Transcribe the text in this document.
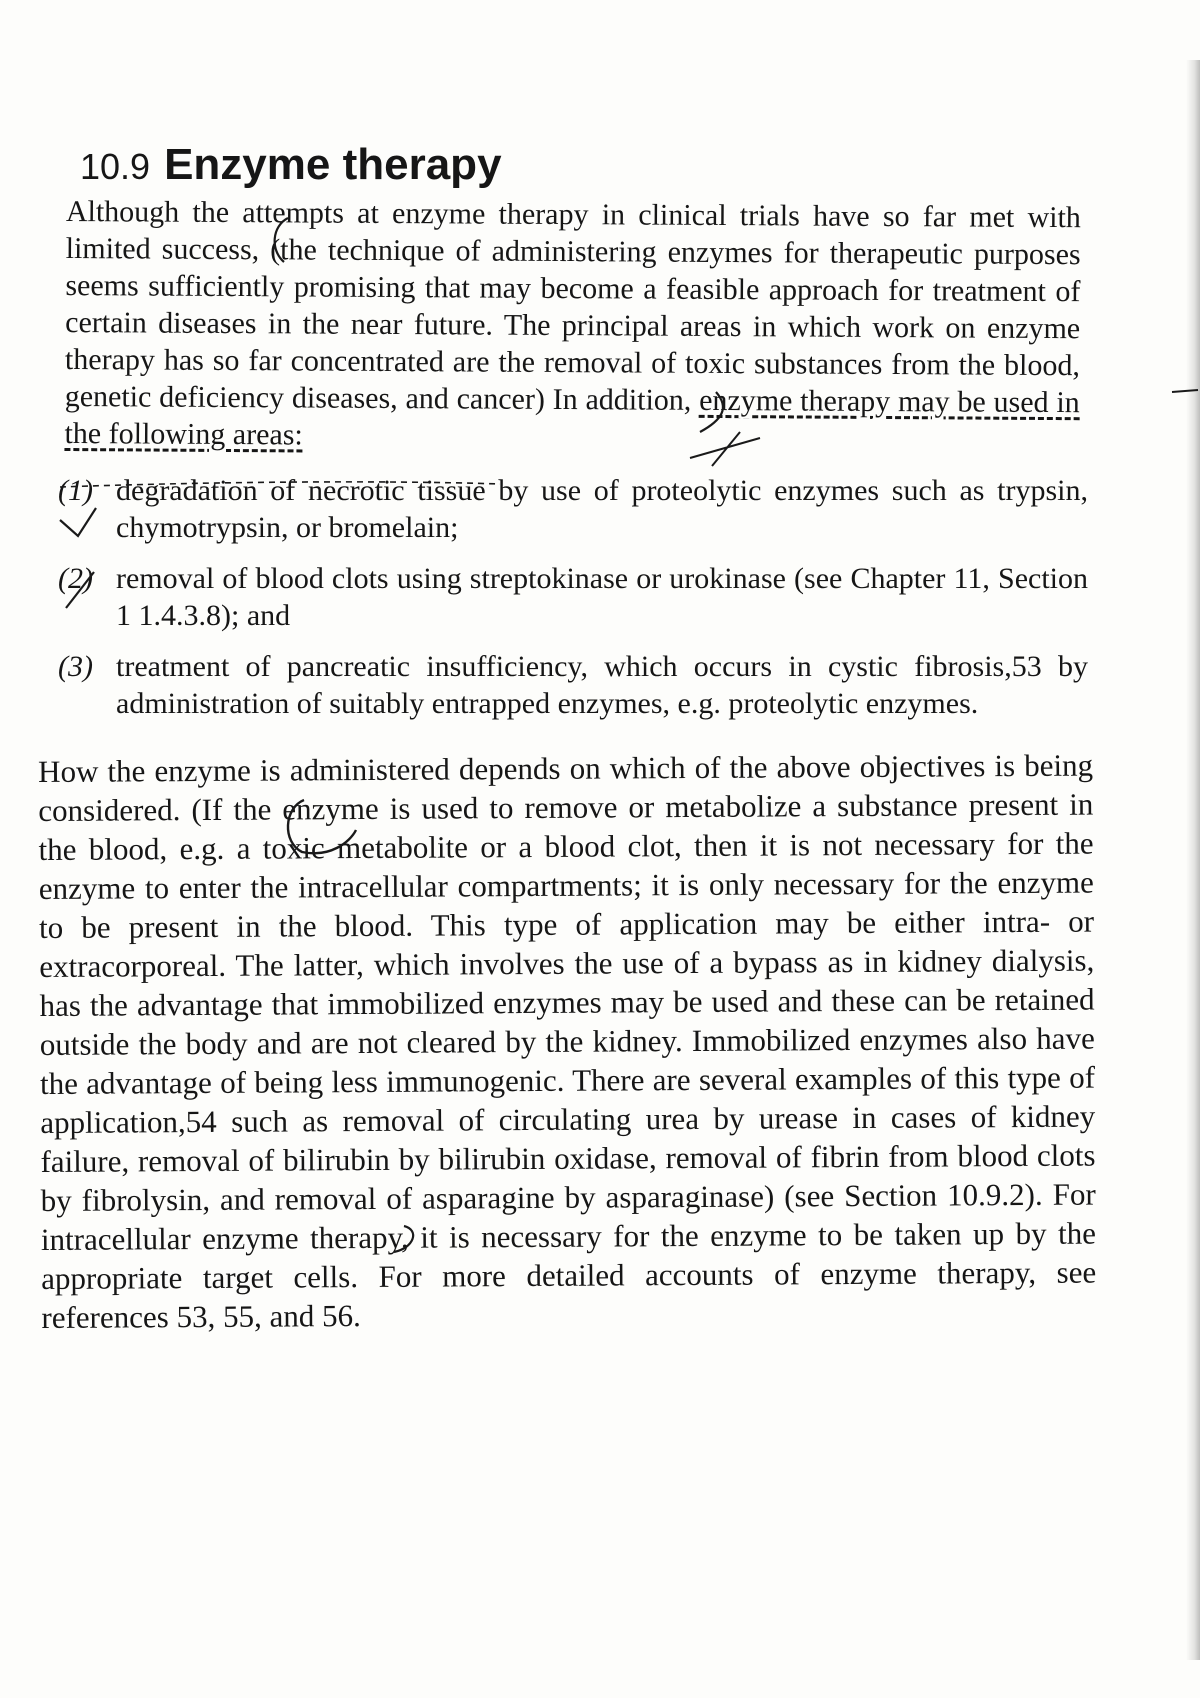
10.9 Enzyme therapy

Although the attempts at enzyme therapy in clinical trials have so far met with limited success, (the technique of administering enzymes for therapeutic purposes seems sufficiently promising that may become a feasible approach for treatment of certain diseases in the near future. The principal areas in which work on enzyme therapy has so far concentrated are the removal of toxic substances from the blood, genetic deficiency diseases, and cancer) In addition, enzyme therapy may be used in the following areas:

(1) degradation of necrotic tissue by use of proteolytic enzymes such as trypsin, chymotrypsin, or bromelain;
(2) removal of blood clots using streptokinase or urokinase (see Chapter 11, Section 1 1.4.3.8); and
(3) treatment of pancreatic insufficiency, which occurs in cystic fibrosis,53 by administration of suitably entrapped enzymes, e.g. proteolytic enzymes.

How the enzyme is administered depends on which of the above objectives is being considered. (If the enzyme is used to remove or metabolize a substance present in the blood, e.g. a toxic metabolite or a blood clot, then it is not necessary for the enzyme to enter the intracellular compartments; it is only necessary for the enzyme to be present in the blood. This type of application may be either intra- or extracorporeal. The latter, which involves the use of a bypass as in kidney dialysis, has the advantage that immobilized enzymes may be used and these can be retained outside the body and are not cleared by the kidney. Immobilized enzymes also have the advantage of being less immunogenic. There are several examples of this type of application,54 such as removal of circulating urea by urease in cases of kidney failure, removal of bilirubin by bilirubin oxidase, removal of fibrin from blood clots by fibrolysin, and removal of asparagine by asparaginase) (see Section 10.9.2). For intracellular enzyme therapy, it is necessary for the enzyme to be taken up by the appropriate target cells. For more detailed accounts of enzyme therapy, see references 53, 55, and 56.
